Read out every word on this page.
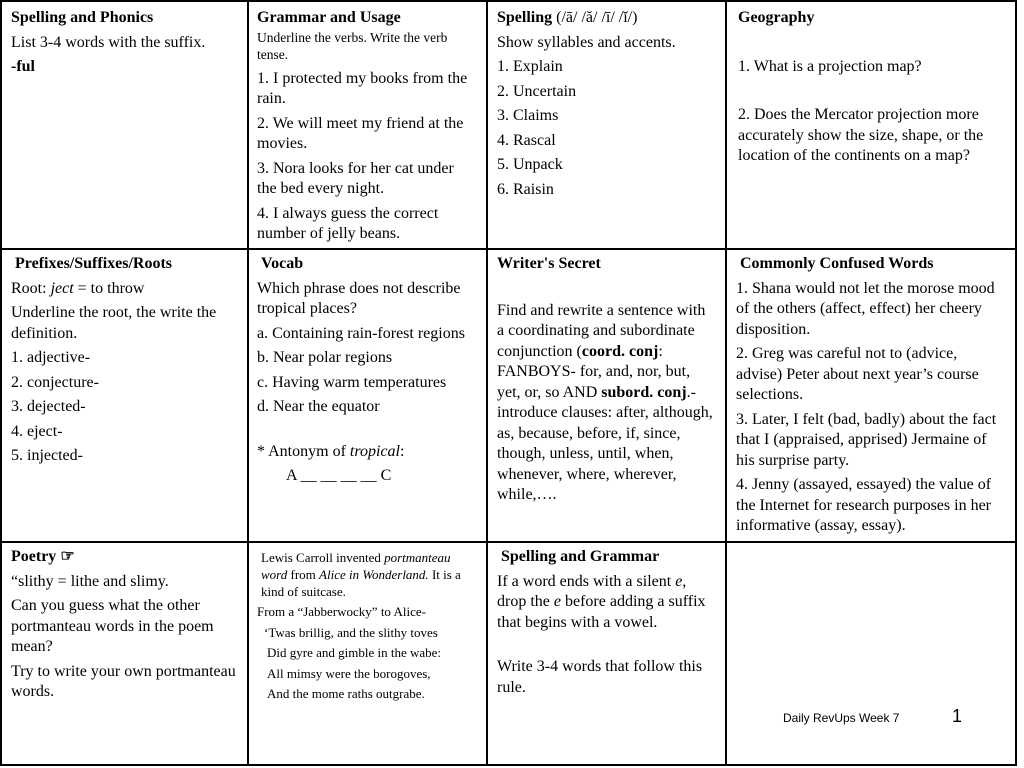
Spelling and Phonics

List 3-4 words with the suffix.

-ful

Grammar and Usage

Underline the verbs. Write the verb tense.

1. I protected my books from the rain.

2. We will meet my friend at the movies.

3. Nora looks for her cat under the bed every night.

4. I always guess the correct number of jelly beans.

Spelling (/ā/ /ă/ /ī/ /ĭ/)

Show syllables and accents.

1. Explain

2. Uncertain

3. Claims

4. Rascal

5. Unpack

6. Raisin

Geography

1. What is a projection map?

2. Does the Mercator projection more accurately show the size, shape, or the location of the continents on a map?

Prefixes/Suffixes/Roots

Root: ject = to throw

Underline the root, the write the definition.

1. adjective-

2. conjecture-

3. dejected-

4. eject-

5. injected-

Vocab

Which phrase does not describe tropical places?

a. Containing rain-forest regions

b. Near polar regions

c. Having warm temperatures

d. Near the equator

* Antonym of tropical:

A __ __ __ __ C

Writer's Secret

Find and rewrite a sentence with a coordinating and subordinate conjunction (coord. conj: FANBOYS- for, and, nor, but, yet, or, so AND subord. conj.- introduce clauses: after, although, as, because, before, if, since, though, unless, until, when, whenever, where, wherever, while,….

Commonly Confused Words

1. Shana would not let the morose mood of the others (affect, effect) her cheery disposition.

2. Greg was careful not to (advice, advise) Peter about next year’s course selections.

3. Later, I felt (bad, badly) about the fact that I (appraised, apprised) Jermaine of his surprise party.

4. Jenny (assayed, essayed) the value of the Internet for research purposes in her informative (assay, essay).

Poetry ☞

“slithy = lithe and slimy.

Can you guess what the other portmanteau words in the poem mean?

Try to write your own portmanteau words.

Lewis Carroll invented portmanteau word from Alice in Wonderland. It is a kind of suitcase.

From a “Jabberwocky” to Alice-

‘Twas brillig, and the slithy toves

Did gyre and gimble in the wabe:

All mimsy were the borogoves,

And the mome raths outgrabe.

Spelling and Grammar

If a word ends with a silent e, drop the e before adding a suffix that begins with a vowel.

Write 3-4 words that follow this rule.

Daily RevUps Week 7	1
